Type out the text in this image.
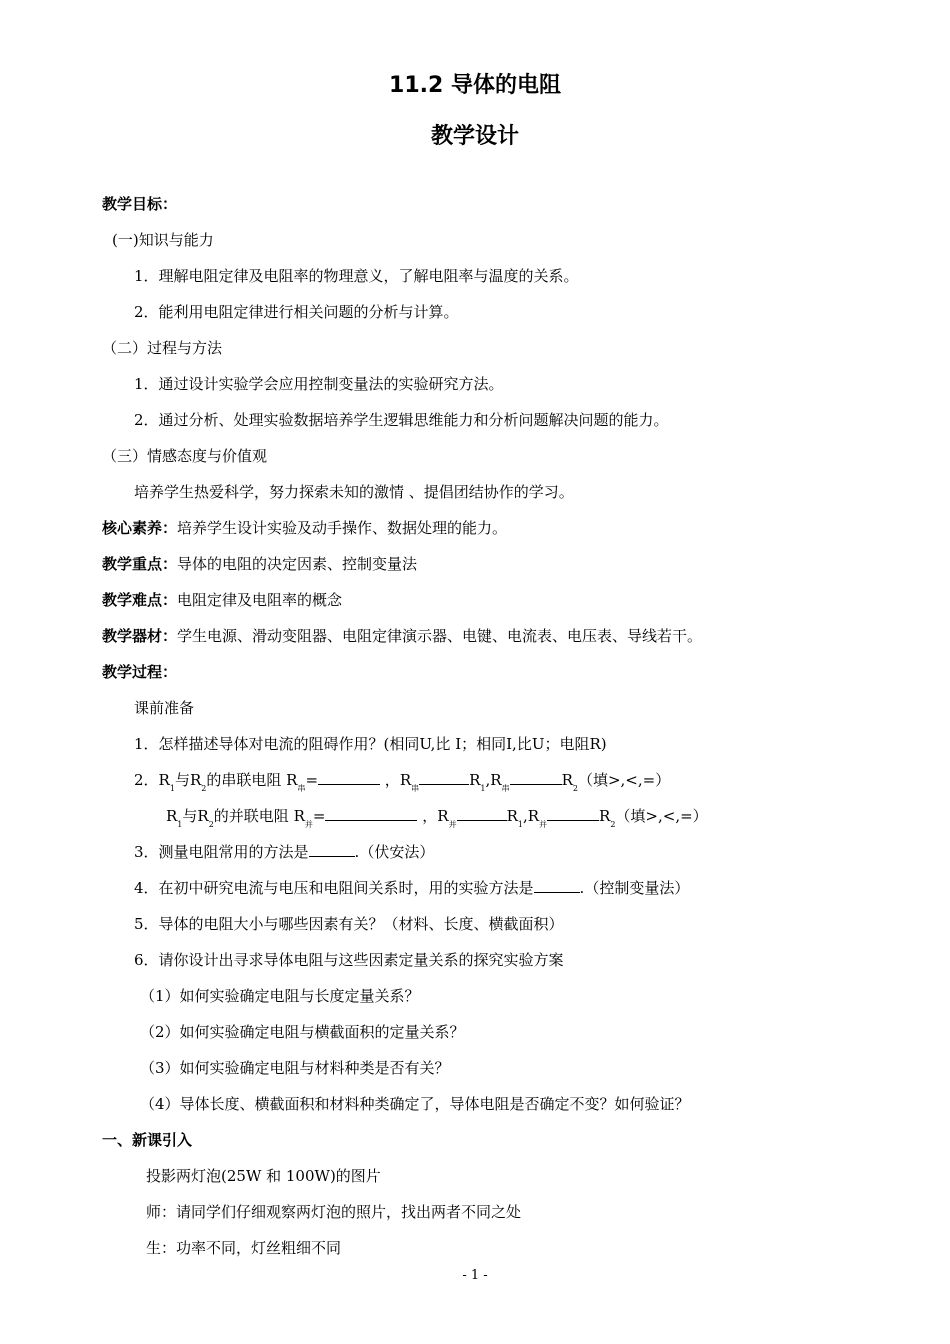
11.2 导体的电阻
教学设计
教学目标：
(一)知识与能力
1．理解电阻定律及电阻率的物理意义，了解电阻率与温度的关系。
2．能利用电阻定律进行相关问题的分析与计算。
（二）过程与方法
1．通过设计实验学会应用控制变量法的实验研究方法。
2．通过分析、处理实验数据培养学生逻辑思维能力和分析问题解决问题的能力。
（三）情感态度与价值观
培养学生热爱科学，努力探索未知的激情 、提倡团结协作的学习。
核心素养：培养学生设计实验及动手操作、数据处理的能力。
教学重点：导体的电阻的决定因素、控制变量法
教学难点：电阻定律及电阻率的概念
教学器材：学生电源、滑动变阻器、电阻定律演示器、电键、电流表、电压表、导线若干。
教学过程：
课前准备
1．怎样描述导体对电流的阻碍作用？(相同U,比 I；相同I,比U；电阻R)
2．$R_1$与$R_2$的串联电阻 $R_串=$	，$R_串$	$R_1,R_串$	$R_2$（填>,<,=）
$R_1$与$R_2$的并联电阻 $R_并=$	，$R_并$	$R_1,R_并$	$R_2$（填>,<,=）
3．测量电阻常用的方法是	.（伏安法）
4．在初中研究电流与电压和电阻间关系时，用的实验方法是	.（控制变量法）
5．导体的电阻大小与哪些因素有关？（材料、长度、横截面积）
6．请你设计出寻求导体电阻与这些因素定量关系的探究实验方案
（1）如何实验确定电阻与长度定量关系？
（2）如何实验确定电阻与横截面积的定量关系？
（3）如何实验确定电阻与材料种类是否有关？
（4）导体长度、横截面积和材料种类确定了，导体电阻是否确定不变？如何验证？
一、新课引入
投影两灯泡(25W 和 100W)的图片
师：请同学们仔细观察两灯泡的照片，找出两者不同之处
生：功率不同，灯丝粗细不同
- 1 -
